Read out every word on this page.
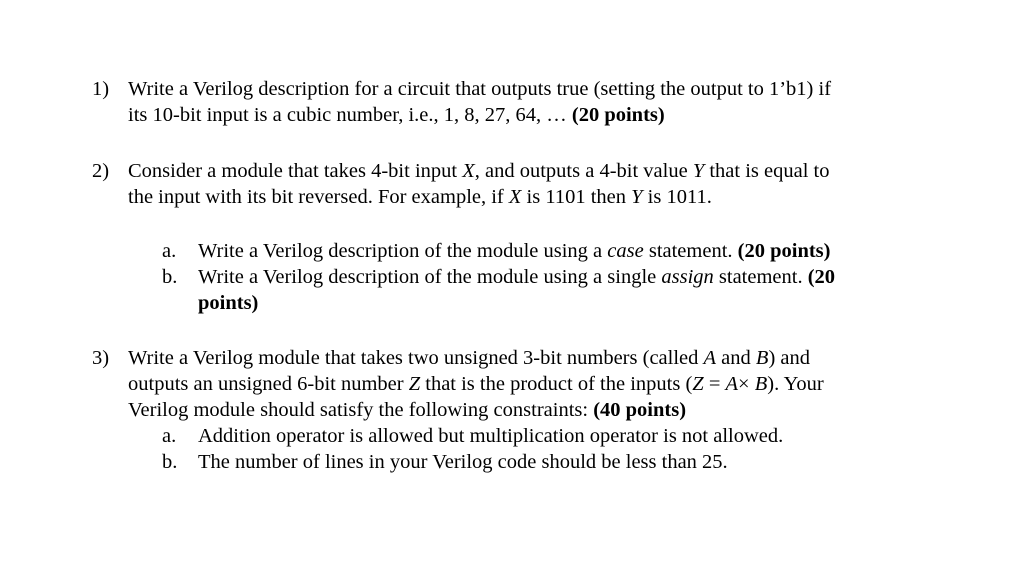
1) Write a Verilog description for a circuit that outputs true (setting the output to 1’b1) if
its 10-bit input is a cubic number, i.e., 1, 8, 27, 64, … (20 points)
2) Consider a module that takes 4-bit input X, and outputs a 4-bit value Y that is equal to
the input with its bit reversed. For example, if X is 1101 then Y is 1011.
a. Write a Verilog description of the module using a case statement. (20 points)
b. Write a Verilog description of the module using a single assign statement. (20
points)
3) Write a Verilog module that takes two unsigned 3-bit numbers (called A and B) and
outputs an unsigned 6-bit number Z that is the product of the inputs (Z = A× B). Your
Verilog module should satisfy the following constraints: (40 points)
a. Addition operator is allowed but multiplication operator is not allowed.
b. The number of lines in your Verilog code should be less than 25.
